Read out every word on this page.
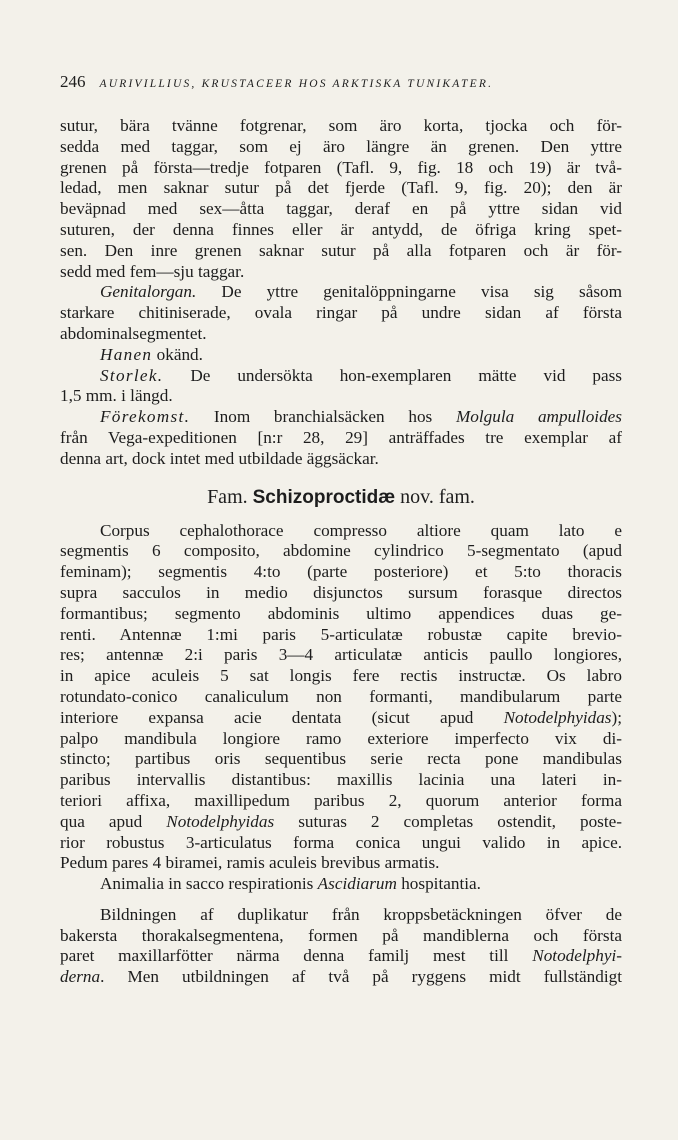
246 AURIVILLIUS, KRUSTACEER HOS ARKTISKA TUNIKATER.
sutur, bära tvänne fotgrenar, som äro korta, tjocka och för-
sedda med taggar, som ej äro längre än grenen. Den yttre
grenen på första—tredje fotparen (Tafl. 9, fig. 18 och 19) är två-
ledad, men saknar sutur på det fjerde (Tafl. 9, fig. 20); den är
beväpnad med sex—åtta taggar, deraf en på yttre sidan vid
suturen, der denna finnes eller är antydd, de öfriga kring spet-
sen. Den inre grenen saknar sutur på alla fotparen och är för-
sedd med fem—sju taggar.
Genitalorgan. De yttre genitalöppningarne visa sig såsom
starkare chitiniserade, ovala ringar på undre sidan af första
abdominalsegmentet.
Hanen okänd.
Storlek. De undersökta hon-exemplaren mätte vid pass
1,5 mm. i längd.
Förekomst. Inom branchialsäcken hos Molgula ampulloides
från Vega-expeditionen [n:r 28, 29] anträffades tre exemplar af
denna art, dock intet med utbildade äggsäckar.
Fam. Schizoproctidæ nov. fam.
Corpus cephalothorace compresso altiore quam lato e
segmentis 6 composito, abdomine cylindrico 5-segmentato (apud
feminam); segmentis 4:to (parte posteriore) et 5:to thoracis
supra sacculos in medio disjunctos sursum forasque directos
formantibus; segmento abdominis ultimo appendices duas ge-
renti. Antennæ 1:mi paris 5-articulatæ robustæ capite brevio-
res; antennæ 2:i paris 3—4 articulatæ anticis paullo longiores,
in apice aculeis 5 sat longis fere rectis instructæ. Os labro
rotundato-conico canaliculum non formanti, mandibularum parte
interiore expansa acie dentata (sicut apud Notodelphyidas);
palpo mandibula longiore ramo exteriore imperfecto vix di-
stincto; partibus oris sequentibus serie recta pone mandibulas
paribus intervallis distantibus: maxillis lacinia una lateri in-
teriori affixa, maxillipedum paribus 2, quorum anterior forma
qua apud Notodelphyidas suturas 2 completas ostendit, poste-
rior robustus 3-articulatus forma conica ungui valido in apice.
Pedum pares 4 biramei, ramis aculeis brevibus armatis.
Animalia in sacco respirationis Ascidiarum hospitantia.
Bildningen af duplikatur från kroppsbetäckningen öfver de
bakersta thorakalsegmentena, formen på mandiblerna och första
paret maxillarfötter närma denna familj mest till Notodelphyi-
derna. Men utbildningen af två på ryggens midt fullständigt
